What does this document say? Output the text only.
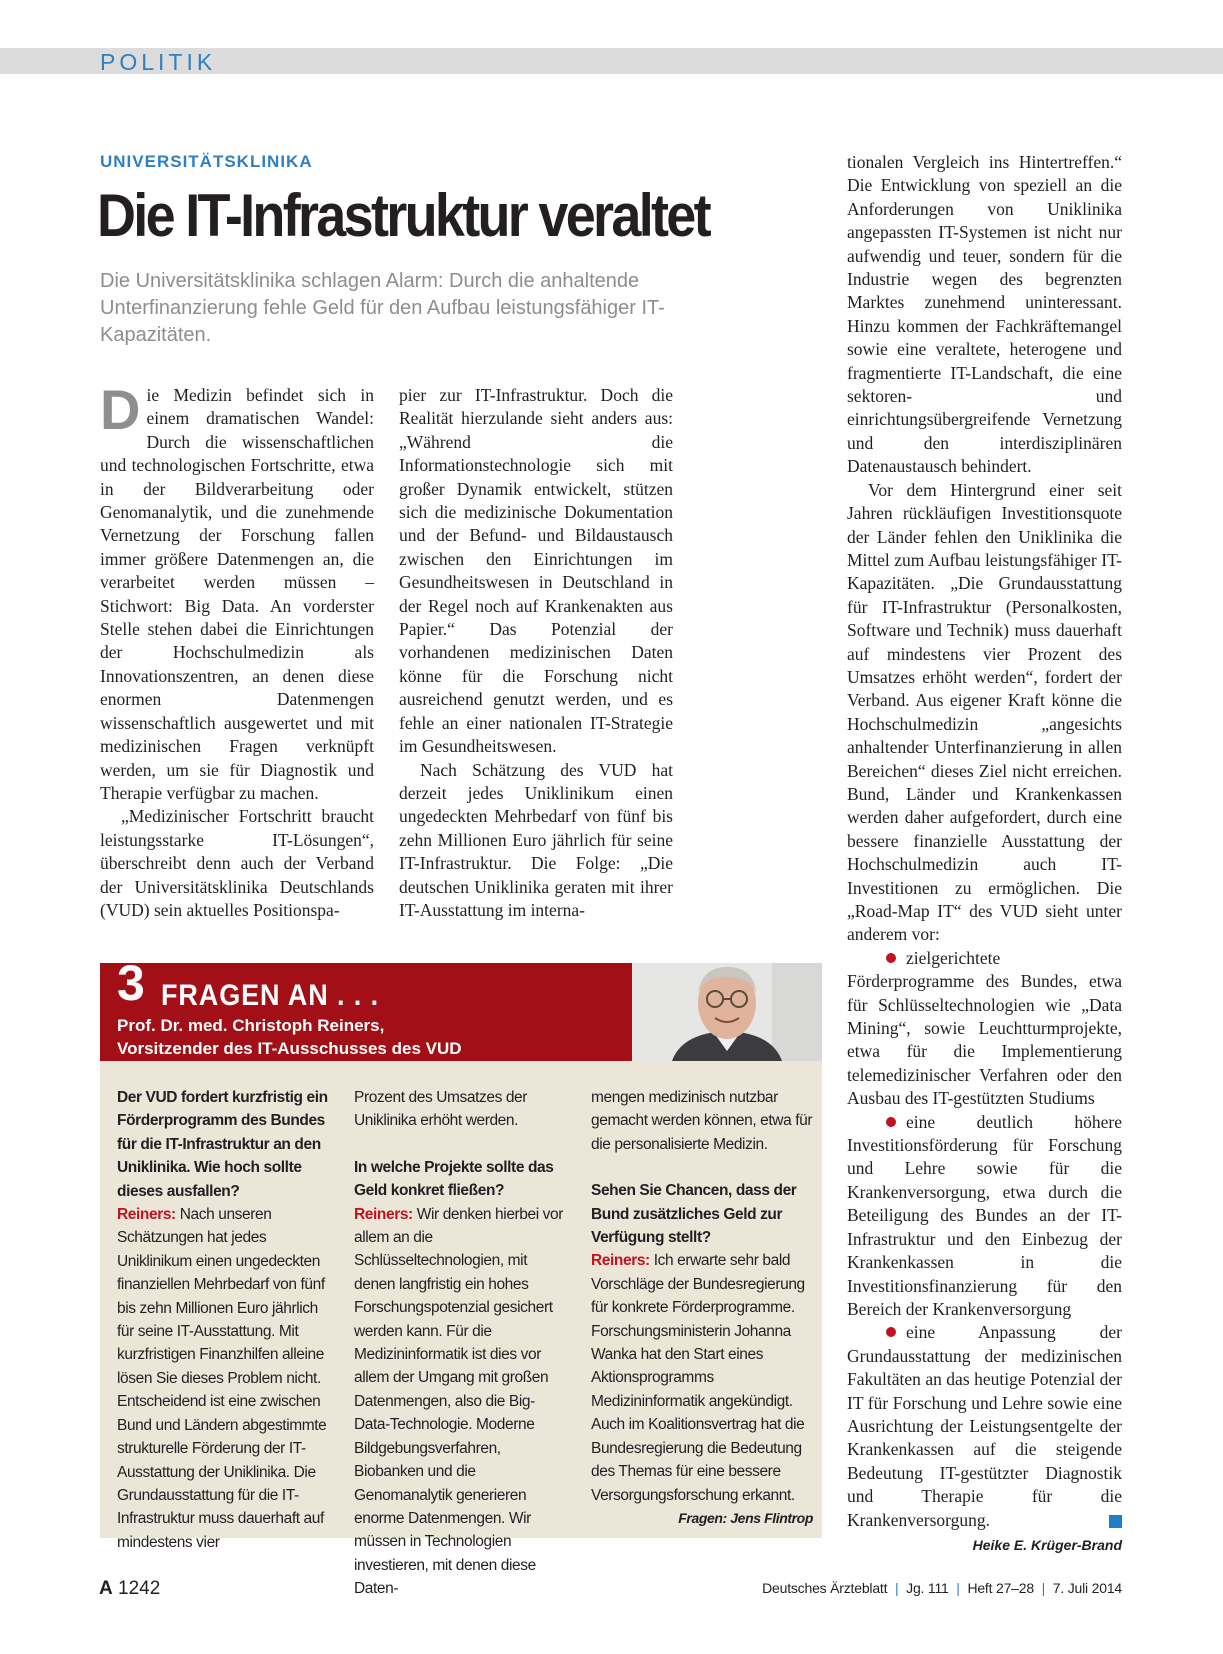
POLITIK
UNIVERSITÄTSKLINIKA
Die IT-Infrastruktur veraltet

Die Universitätsklinika schlagen Alarm: Durch die anhaltende Unterfinanzierung fehle Geld für den Aufbau leistungsfähiger IT-Kapazitäten.

Die Medizin befindet sich in einem dramatischen Wandel: Durch die wissenschaftlichen und technologischen Fortschritte, etwa in der Bildverarbeitung oder Genomanalytik, und die zunehmende Vernetzung der Forschung fallen immer größere Datenmengen an, die verarbeitet werden müssen – Stichwort: Big Data. An vorderster Stelle stehen dabei die Einrichtungen der Hochschulmedizin als Innovationszentren, an denen diese enormen Datenmengen wissenschaftlich ausgewertet und mit medizinischen Fragen verknüpft werden, um sie für Diagnostik und Therapie verfügbar zu machen.

„Medizinischer Fortschritt braucht leistungsstarke IT-Lösungen“, überschreibt denn auch der Verband der Universitätsklinika Deutschlands (VUD) sein aktuelles Positionspa-

pier zur IT-Infrastruktur. Doch die Realität hierzulande sieht anders aus: „Während die Informationstechnologie sich mit großer Dynamik entwickelt, stützen sich die medizinische Dokumentation und der Befund- und Bildaustausch zwischen den Einrichtungen im Gesundheitswesen in Deutschland in der Regel noch auf Krankenakten aus Papier.“ Das Potenzial der vorhandenen medizinischen Daten könne für die Forschung nicht ausreichend genutzt werden, und es fehle an einer nationalen IT-Strategie im Gesundheitswesen.

Nach Schätzung des VUD hat derzeit jedes Uniklinikum einen ungedeckten Mehrbedarf von fünf bis zehn Millionen Euro jährlich für seine IT-Infrastruktur. Die Folge: „Die deutschen Uniklinika geraten mit ihrer IT-Ausstattung im interna-

tionalen Vergleich ins Hintertreffen.“ Die Entwicklung von speziell an die Anforderungen von Uniklinika angepassten IT-Systemen ist nicht nur aufwendig und teuer, sondern für die Industrie wegen des begrenzten Marktes zunehmend uninteressant. Hinzu kommen der Fachkräftemangel sowie eine veraltete, heterogene und fragmentierte IT-Landschaft, die eine sektoren- und einrichtungsübergreifende Vernetzung und den interdisziplinären Datenaustausch behindert.

Vor dem Hintergrund einer seit Jahren rückläufigen Investitionsquote der Länder fehlen den Uniklinika die Mittel zum Aufbau leistungsfähiger IT-Kapazitäten. „Die Grundausstattung für IT-Infrastruktur (Personalkosten, Software und Technik) muss dauerhaft auf mindestens vier Prozent des Umsatzes erhöht werden“, fordert der Verband. Aus eigener Kraft könne die Hochschulmedizin „angesichts anhaltender Unterfinanzierung in allen Bereichen“ dieses Ziel nicht erreichen. Bund, Länder und Krankenkassen werden daher aufgefordert, durch eine bessere finanzielle Ausstattung der Hochschulmedizin auch IT-Investitionen zu ermöglichen. Die „Road-Map IT“ des VUD sieht unter anderem vor:

zielgerichtete Förderprogramme des Bundes, etwa für Schlüsseltechnologien wie „Data Mining“, sowie Leuchtturmprojekte, etwa für die Implementierung telemedizinischer Verfahren oder den Ausbau des IT-gestützten Studiums

eine deutlich höhere Investitionsförderung für Forschung und Lehre sowie für die Krankenversorgung, etwa durch die Beteiligung des Bundes an der IT-Infrastruktur und den Einbezug der Krankenkassen in die Investitionsfinanzierung für den Bereich der Krankenversorgung

eine Anpassung der Grundausstattung der medizinischen Fakultäten an das heutige Potenzial der IT für Forschung und Lehre sowie eine Ausrichtung der Leistungsentgelte der Krankenkassen auf die steigende Bedeutung IT-gestützter Diagnostik und Therapie für die Krankenversorgung.

Heike E. Krüger-Brand
3 FRAGEN AN . . .
Prof. Dr. med. Christoph Reiners,
Vorsitzender des IT-Ausschusses des VUD

Der VUD fordert kurzfristig ein Förderprogramm des Bundes für die IT-Infrastruktur an den Uniklinika. Wie hoch sollte dieses ausfallen?

Reiners: Nach unseren Schätzungen hat jedes Uniklinikum einen ungedeckten finanziellen Mehrbedarf von fünf bis zehn Millionen Euro jährlich für seine IT-Ausstattung. Mit kurzfristigen Finanzhilfen alleine lösen Sie dieses Problem nicht. Entscheidend ist eine zwischen Bund und Ländern abgestimmte strukturelle Förderung der IT-Ausstattung der Uniklinika. Die Grundausstattung für die IT-Infrastruktur muss dauerhaft auf mindestens vier

Prozent des Umsatzes der Uniklinika erhöht werden.

In welche Projekte sollte das Geld konkret fließen?

Reiners: Wir denken hierbei vor allem an die Schlüsseltechnologien, mit denen langfristig ein hohes Forschungspotenzial gesichert werden kann. Für die Medizininformatik ist dies vor allem der Umgang mit großen Datenmengen, also die Big-Data-Technologie. Moderne Bildgebungsverfahren, Biobanken und die Genomanalytik generieren enorme Datenmengen. Wir müssen in Technologien investieren, mit denen diese Daten-

mengen medizinisch nutzbar gemacht werden können, etwa für die personalisierte Medizin.

Sehen Sie Chancen, dass der Bund zusätzliches Geld zur Verfügung stellt?

Reiners: Ich erwarte sehr bald Vorschläge der Bundesregierung für konkrete Förderprogramme. Forschungsministerin Johanna Wanka hat den Start eines Aktionsprogramms Medizininformatik angekündigt. Auch im Koalitionsvertrag hat die Bundesregierung die Bedeutung des Themas für eine bessere Versorgungsforschung erkannt.
Fragen: Jens Flintrop

A 1242	Deutsches Ärzteblatt | Jg. 111 | Heft 27–28 | 7. Juli 2014
